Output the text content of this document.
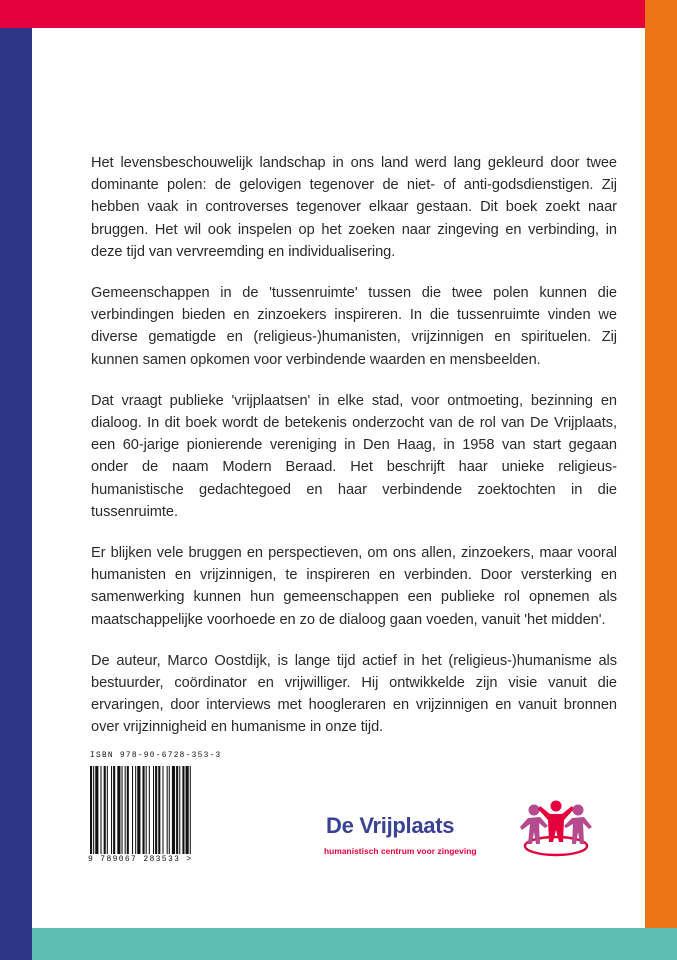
Het levensbeschouwelijk landschap in ons land werd lang gekleurd door twee dominante polen: de gelovigen tegenover de niet- of anti-godsdienstigen. Zij hebben vaak in controverses tegenover elkaar gestaan. Dit boek zoekt naar bruggen. Het wil ook inspelen op het zoeken naar zingeving en verbinding, in deze tijd van vervreemding en individualisering.

Gemeenschappen in de 'tussenruimte' tussen die twee polen kunnen die verbindingen bieden en zinzoekers inspireren. In die tussenruimte vinden we diverse gematigde en (religieus-)humanisten, vrijzinnigen en spirituelen. Zij kunnen samen opkomen voor verbindende waarden en mensbeelden.

Dat vraagt publieke 'vrijplaatsen' in elke stad, voor ontmoeting, bezinning en dialoog. In dit boek wordt de betekenis onderzocht van de rol van De Vrijplaats, een 60-jarige pionierende vereniging in Den Haag, in 1958 van start gegaan onder de naam Modern Beraad. Het beschrijft haar unieke religieus-humanistische gedachtegoed en haar verbindende zoektochten in die tussenruimte.

Er blijken vele bruggen en perspectieven, om ons allen, zinzoekers, maar vooral humanisten en vrijzinnigen, te inspireren en verbinden. Door versterking en samenwerking kunnen hun gemeenschappen een publieke rol opnemen als maatschappelijke voorhoede en zo de dialoog gaan voeden, vanuit 'het midden'.

De auteur, Marco Oostdijk, is lange tijd actief in het (religieus-)humanisme als bestuurder, coördinator en vrijwilliger. Hij ontwikkelde zijn visie vanuit die ervaringen, door interviews met hoogleraren en vrijzinnigen en vanuit bronnen over vrijzinnigheid en humanisme in onze tijd.

ISBN 978-90-6728-353-3
9 789067 283533 >
De Vrijplaats
humanistisch centrum voor zingeving
